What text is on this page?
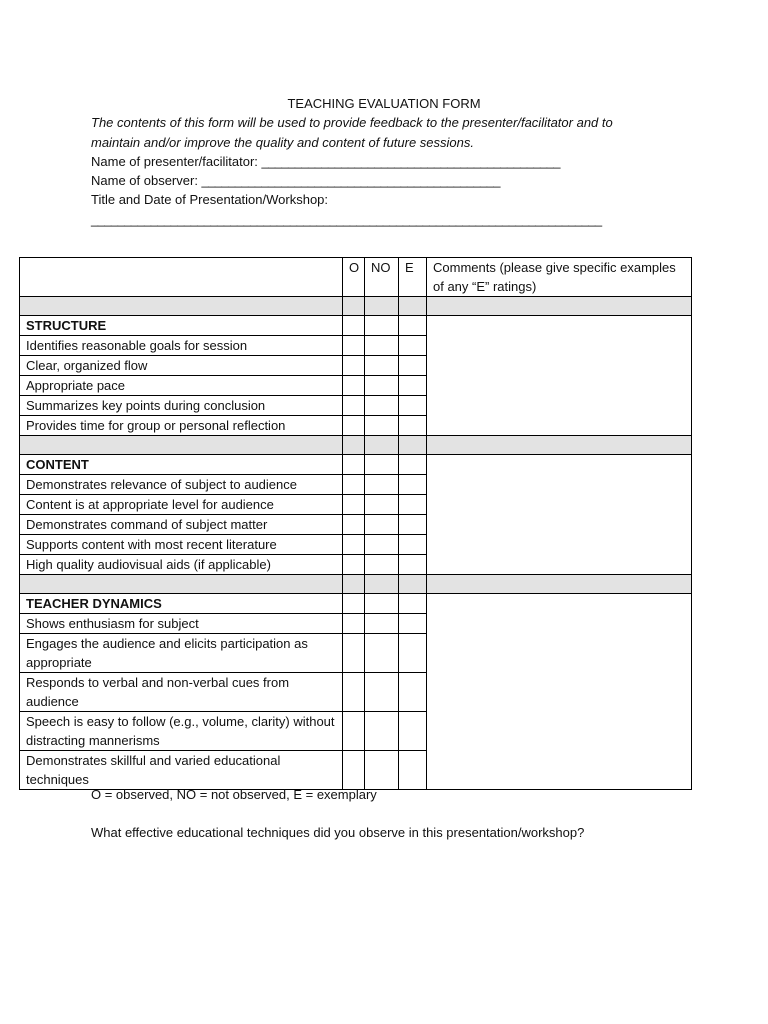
TEACHING EVALUATION FORM
The contents of this form will be used to provide feedback to the presenter/facilitator and to
maintain and/or improve the quality and content of future sessions.
Name of presenter/facilitator: _____________________________________________
Name of observer: _____________________________________________
Title and Date of Presentation/Workshop:
_____________________________________________________________________________
	O	NO	E	Comments (please give specific examples of any “E” ratings)

STRUCTURE				
Identifies reasonable goals for session				
Clear, organized flow				
Appropriate pace				
Summarizes key points during conclusion				
Provides time for group or personal reflection				

CONTENT				
Demonstrates relevance of subject to audience				
Content is at appropriate level for audience				
Demonstrates command of subject matter				
Supports content with most recent literature				
High quality audiovisual aids (if applicable)				

TEACHER DYNAMICS				
Shows enthusiasm for subject				
Engages the audience and elicits participation as appropriate				
Responds to verbal and non-verbal cues from audience				
Speech is easy to follow (e.g., volume, clarity) without distracting mannerisms				
Demonstrates skillful and varied educational techniques				
O = observed, NO = not observed, E = exemplary
What effective educational techniques did you observe in this presentation/workshop?
